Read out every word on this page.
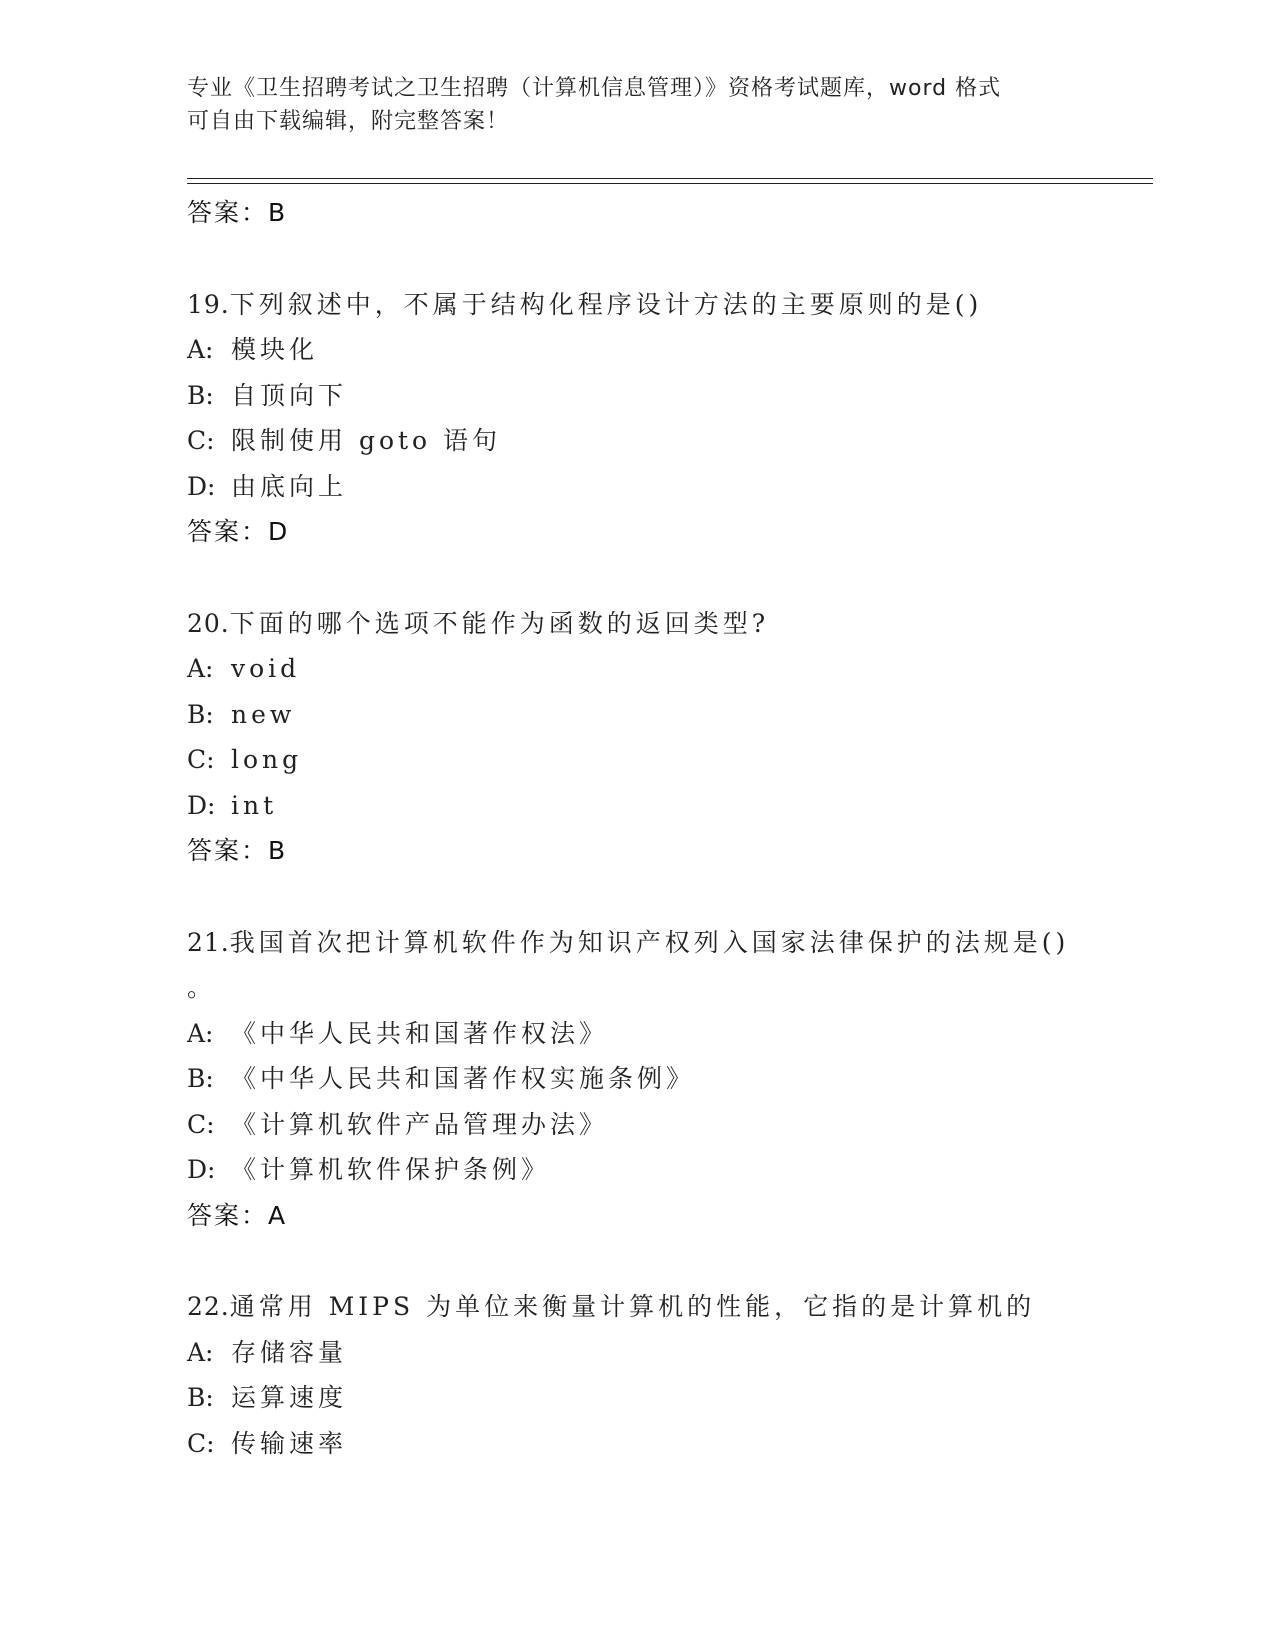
专业《卫生招聘考试之卫生招聘（计算机信息管理）》资格考试题库，word 格式
可自由下载编辑，附完整答案！
答案：B
19.下列叙述中，不属于结构化程序设计方法的主要原则的是()
A: 模块化
B: 自顶向下
C: 限制使用 goto 语句
D: 由底向上
答案：D
20.下面的哪个选项不能作为函数的返回类型?
A: void
B: new
C: long
D: int
答案：B
21.我国首次把计算机软件作为知识产权列入国家法律保护的法规是()
。
A: 《中华人民共和国著作权法》
B: 《中华人民共和国著作权实施条例》
C: 《计算机软件产品管理办法》
D: 《计算机软件保护条例》
答案：A
22.通常用 MIPS 为单位来衡量计算机的性能，它指的是计算机的
A: 存储容量
B: 运算速度
C: 传输速率
